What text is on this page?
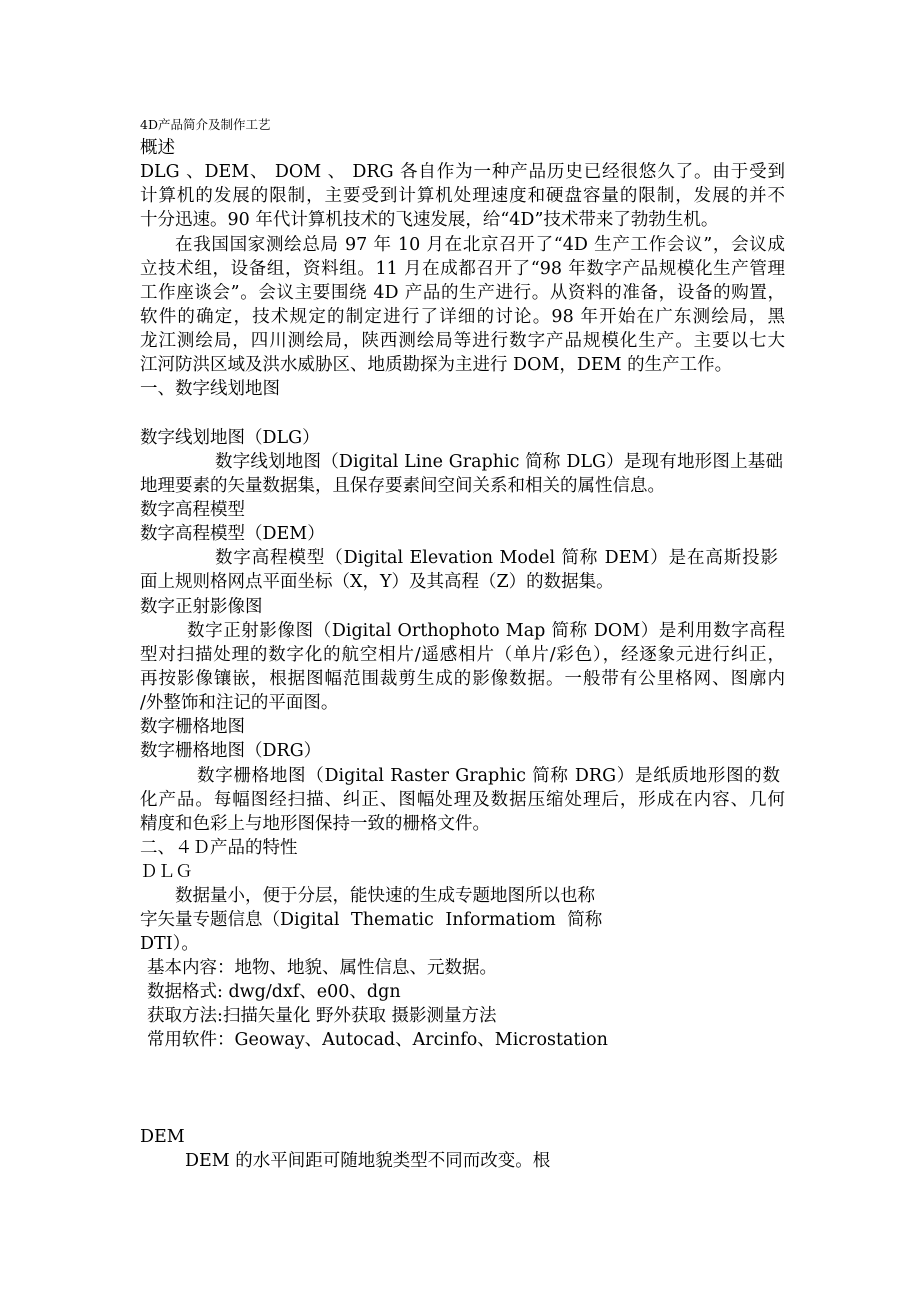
4D产品简介及制作工艺
概述
DLG 、DEM、 DOM 、 DRG 各自作为一种产品历史已经很悠久了。由于受到
计算机的发展的限制，主要受到计算机处理速度和硬盘容量的限制，发展的并不
十分迅速。90 年代计算机技术的飞速发展，给“4D”技术带来了勃勃生机。
在我国国家测绘总局 97 年 10 月在北京召开了“4D 生产工作会议”，会议成
立技术组，设备组，资料组。11 月在成都召开了“98 年数字产品规模化生产管理
工作座谈会”。会议主要围绕 4D 产品的生产进行。从资料的准备，设备的购置，
软件的确定，技术规定的制定进行了详细的讨论。98 年开始在广东测绘局，黑
龙江测绘局，四川测绘局，陕西测绘局等进行数字产品规模化生产。主要以七大
江河防洪区域及洪水威胁区、地质勘探为主进行 DOM，DEM 的生产工作。
一、数字线划地图
数字线划地图（DLG）
数字线划地图（Digital Line Graphic 简称 DLG）是现有地形图上基础
地理要素的矢量数据集，且保存要素间空间关系和相关的属性信息。
数字高程模型
数字高程模型（DEM）
数字高程模型（Digital Elevation Model 简称 DEM）是在高斯投影
面上规则格网点平面坐标（X，Y）及其高程（Z）的数据集。
数字正射影像图
数字正射影像图（Digital Orthophoto Map 简称 DOM）是利用数字高程
型对扫描处理的数字化的航空相片/遥感相片（单片/彩色），经逐象元进行纠正，
再按影像镶嵌，根据图幅范围裁剪生成的影像数据。一般带有公里格网、图廓内
/外整饰和注记的平面图。
数字栅格地图
数字栅格地图（DRG）
数字栅格地图（Digital Raster Graphic 简称 DRG）是纸质地形图的数
化产品。每幅图经扫描、纠正、图幅处理及数据压缩处理后，形成在内容、几何
精度和色彩上与地形图保持一致的栅格文件。
二、４Ｄ产品的特性
ＤＬＧ
数据量小，便于分层，能快速的生成专题地图所以也称
字矢量专题信息（Digital Thematic Informatiom 简称
DTI）。
基本内容：地物、地貌、属性信息、元数据。
数据格式: dwg/dxf、e00、dgn
获取方法:扫描矢量化 野外获取 摄影测量方法
常用软件：Geoway、Autocad、Arcinfo、Microstation
DEM
DEM 的水平间距可随地貌类型不同而改变。根
